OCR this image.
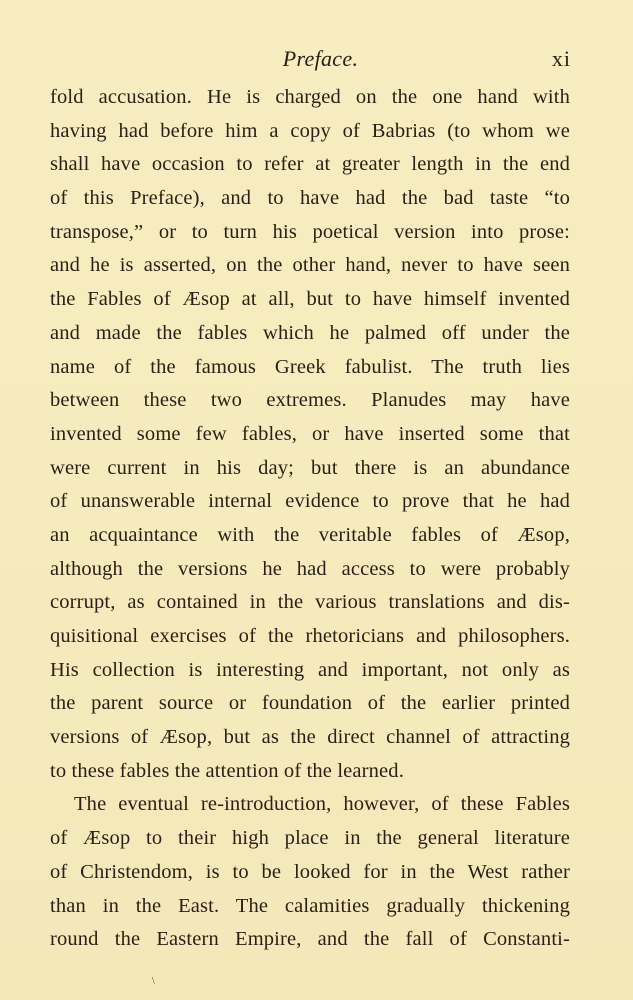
Preface.	xi
fold accusation. He is charged on the one hand with
having had before him a copy of Babrias (to whom we
shall have occasion to refer at greater length in the end
of this Preface), and to have had the bad taste “to
transpose,” or to turn his poetical version into prose:
and he is asserted, on the other hand, never to have seen
the Fables of Æsop at all, but to have himself invented
and made the fables which he palmed off under the
name of the famous Greek fabulist. The truth lies
between these two extremes. Planudes may have
invented some few fables, or have inserted some that
were current in his day; but there is an abundance
of unanswerable internal evidence to prove that he had
an acquaintance with the veritable fables of Æsop,
although the versions he had access to were probably
corrupt, as contained in the various translations and dis-
quisitional exercises of the rhetoricians and philosophers.
His collection is interesting and important, not only as
the parent source or foundation of the earlier printed
versions of Æsop, but as the direct channel of attracting
to these fables the attention of the learned.
The eventual re-introduction, however, of these Fables
of Æsop to their high place in the general literature
of Christendom, is to be looked for in the West rather
than in the East. The calamities gradually thickening
round the Eastern Empire, and the fall of Constanti-
\
